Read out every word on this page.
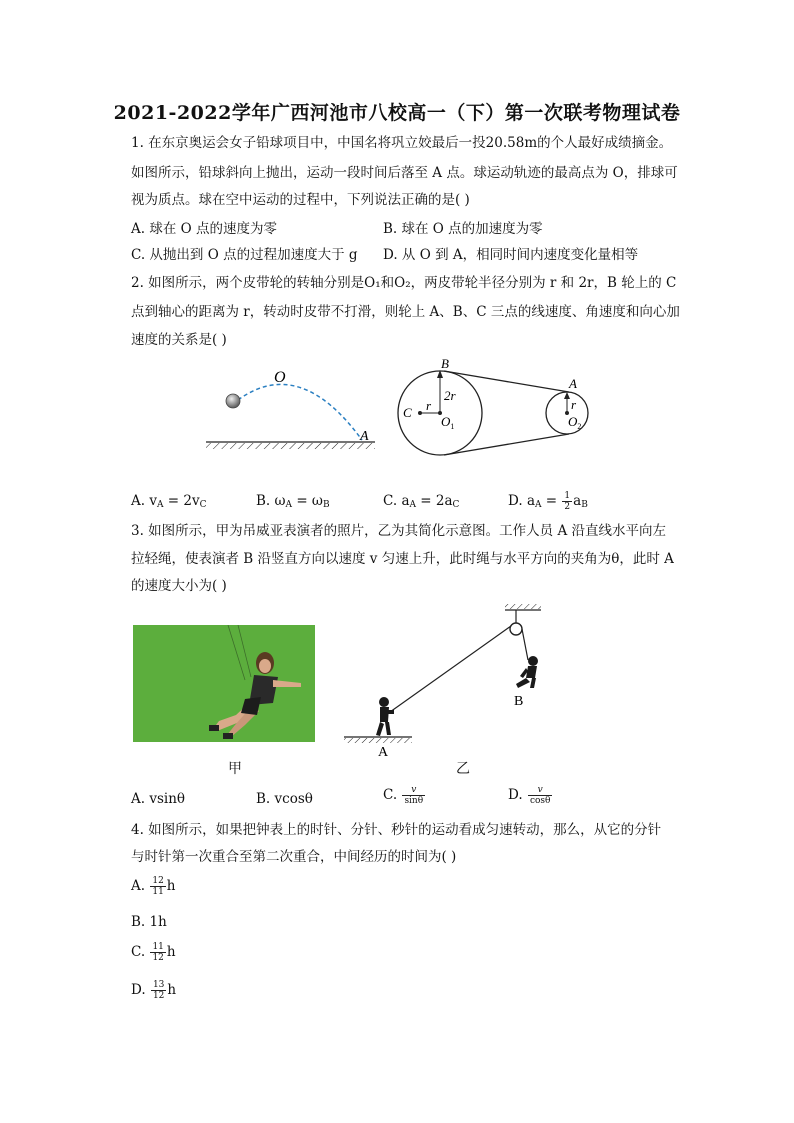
2021-2022学年广西河池市八校高一（下）第一次联考物理试卷
1. 在东京奥运会女子铅球项目中，中国名将巩立姣最后一投20.58m的个人最好成绩摘金。
如图所示，铅球斜向上抛出，运动一段时间后落至 A 点。球运动轨迹的最高点为 O，排球可
视为质点。球在空中运动的过程中，下列说法正确的是( )
A. 球在 O 点的速度为零	B. 球在 O 点的加速度为零
C. 从抛出到 O 点的过程加速度大于 g D. 从 O 到 A，相同时间内速度变化量相等
2. 如图所示，两个皮带轮的转轴分别是O₁和O₂，两皮带轮半径分别为 r 和 2r，B 轮上的 C
点到轴心的距离为 r，转动时皮带不打滑，则轮上 A、B、C 三点的线速度、角速度和向心加
速度的关系是( )
O
A
B
2r
C r
$O_1$
A
r
$O_2$
A. $v_A = 2v_C$	B. $\omega_A = \omega_B$	C. $a_A = 2a_C$	D. $a_A = \frac{1}{2} a_B$
3. 如图所示，甲为吊威亚表演者的照片，乙为其简化示意图。工作人员 A 沿直线水平向左
拉轻绳，使表演者 B 沿竖直方向以速度 v 匀速上升，此时绳与水平方向的夹角为θ，此时 A
的速度大小为( )
甲
A
B
乙
A. vsinθ	B. vcosθ	C. $\frac{v}{\sin\theta}$	D. $\frac{v}{\cos\theta}$
4. 如图所示，如果把钟表上的时针、分针、秒针的运动看成匀速转动，那么，从它的分针
与时针第一次重合至第二次重合，中间经历的时间为( )
A. $\frac{12}{11}$ h
B. 1h
C. $\frac{11}{12}$ h
D. $\frac{13}{12}$ h
